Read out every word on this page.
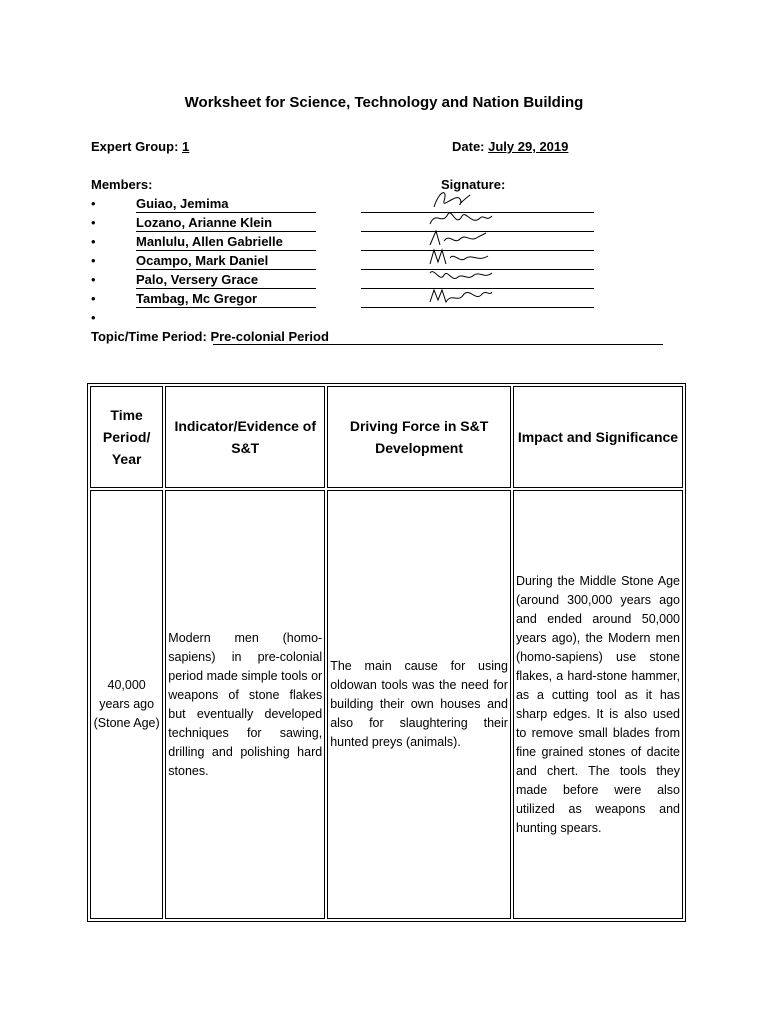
Worksheet for Science, Technology and Nation Building
Expert Group: 1	Date: July 29, 2019
Members:	Signature:
•	Guiao, Jemima
•	Lozano, Arianne Klein
•	Manlulu, Allen Gabrielle
•	Ocampo, Mark Daniel
•	Palo, Versery Grace
•	Tambag, Mc Gregor
•
Topic/Time Period: Pre-colonial Period
Time Period/ Year	Indicator/Evidence of S&T	Driving Force in S&T Development	Impact and Significance
40,000 years ago (Stone Age)	Modern men (homo-sapiens) in pre-colonial period made simple tools or weapons of stone flakes but eventually developed techniques for sawing, drilling and polishing hard stones.	The main cause for using oldowan tools was the need for building their own houses and also for slaughtering their hunted preys (animals).	During the Middle Stone Age (around 300,000 years ago and ended around 50,000 years ago), the Modern men (homo-sapiens) use stone flakes, a hard-stone hammer, as a cutting tool as it has sharp edges. It is also used to remove small blades from fine grained stones of dacite and chert. The tools they made before were also utilized as weapons and hunting spears.
